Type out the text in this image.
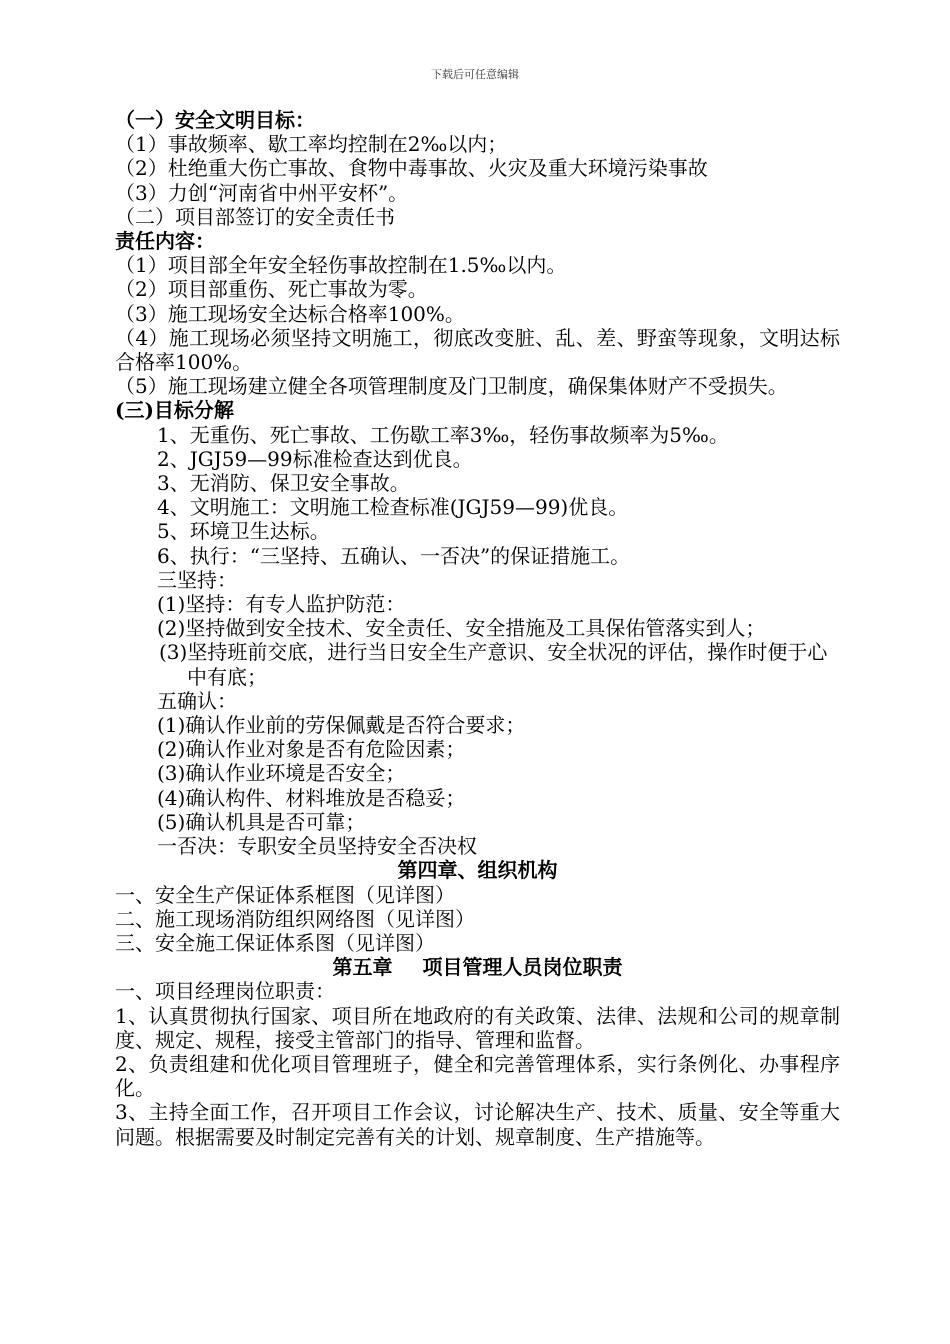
下载后可任意编辑
（一）安全文明目标：
（1）事故频率、歇工率均控制在2‰以内；
（2）杜绝重大伤亡事故、食物中毒事故、火灾及重大环境污染事故
（3）力创“河南省中州平安杯”。
（二）项目部签订的安全责任书
责任内容：
（1）项目部全年安全轻伤事故控制在1.5‰以内。
（2）项目部重伤、死亡事故为零。
（3）施工现场安全达标合格率100%。
（4）施工现场必须坚持文明施工，彻底改变脏、乱、差、野蛮等现象，文明达标合格率100%。
（5）施工现场建立健全各项管理制度及门卫制度，确保集体财产不受损失。
(三)目标分解
1、无重伤、死亡事故、工伤歇工率3‰，轻伤事故频率为5‰。
2、JGJ59—99标准检查达到优良。
3、无消防、保卫安全事故。
4、文明施工：文明施工检查标准(JGJ59—99)优良。
5、环境卫生达标。
6、执行：“三坚持、五确认、一否决”的保证措施工。
三坚持：
(1)坚持：有专人监护防范：
(2)坚持做到安全技术、安全责任、安全措施及工具保佑管落实到人；
(3)坚持班前交底，进行当日安全生产意识、安全状况的评估，操作时便于心中有底；
五确认：
(1)确认作业前的劳保佩戴是否符合要求；
(2)确认作业对象是否有危险因素；
(3)确认作业环境是否安全；
(4)确认构件、材料堆放是否稳妥；
(5)确认机具是否可靠；
一否决：专职安全员坚持安全否决权
第四章、组织机构
一、安全生产保证体系框图（见详图）
二、施工现场消防组织网络图（见详图）
三、安全施工保证体系图（见详图）
第五章 项目管理人员岗位职责
一、项目经理岗位职责：
1、认真贯彻执行国家、项目所在地政府的有关政策、法律、法规和公司的规章制度、规定、规程，接受主管部门的指导、管理和监督。
2、负责组建和优化项目管理班子，健全和完善管理体系，实行条例化、办事程序化。
3、主持全面工作，召开项目工作会议，讨论解决生产、技术、质量、安全等重大问题。根据需要及时制定完善有关的计划、规章制度、生产措施等。
